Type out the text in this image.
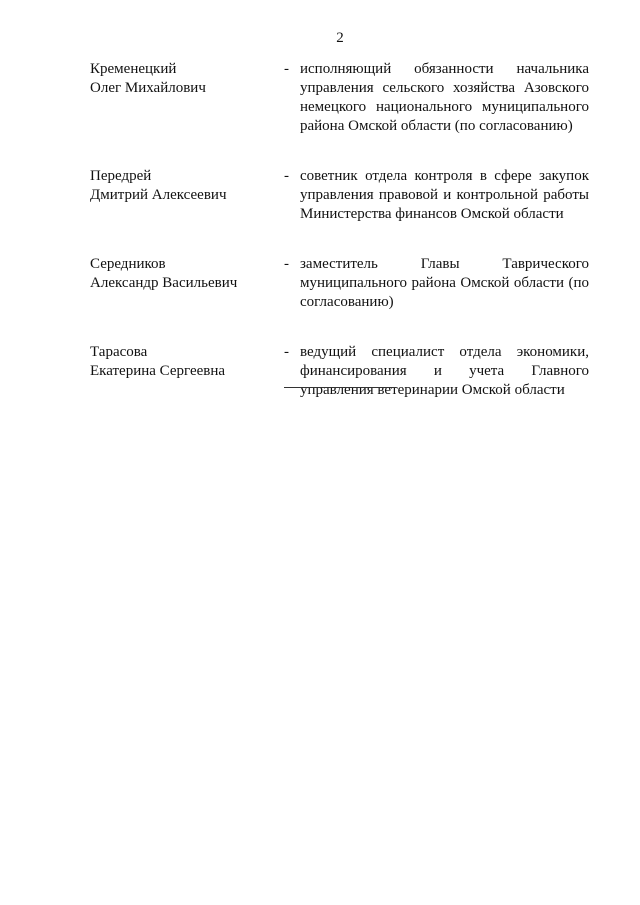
2
Кременецкий
Олег Михайлович
- исполняющий обязанности начальника
управления сельского хозяйства Азовского
немецкого национального муниципального
района Омской области (по согласованию)
Передрей
Дмитрий Алексеевич
- советник отдела контроля в сфере закупок
управления правовой и контрольной работы
Министерства финансов Омской области
Середников
Александр Васильевич
- заместитель Главы Таврического
муниципального района Омской области (по
согласованию)
Тарасова
Екатерина Сергеевна
- ведущий специалист отдела экономики,
финансирования и учета Главного
управления ветеринарии Омской области
